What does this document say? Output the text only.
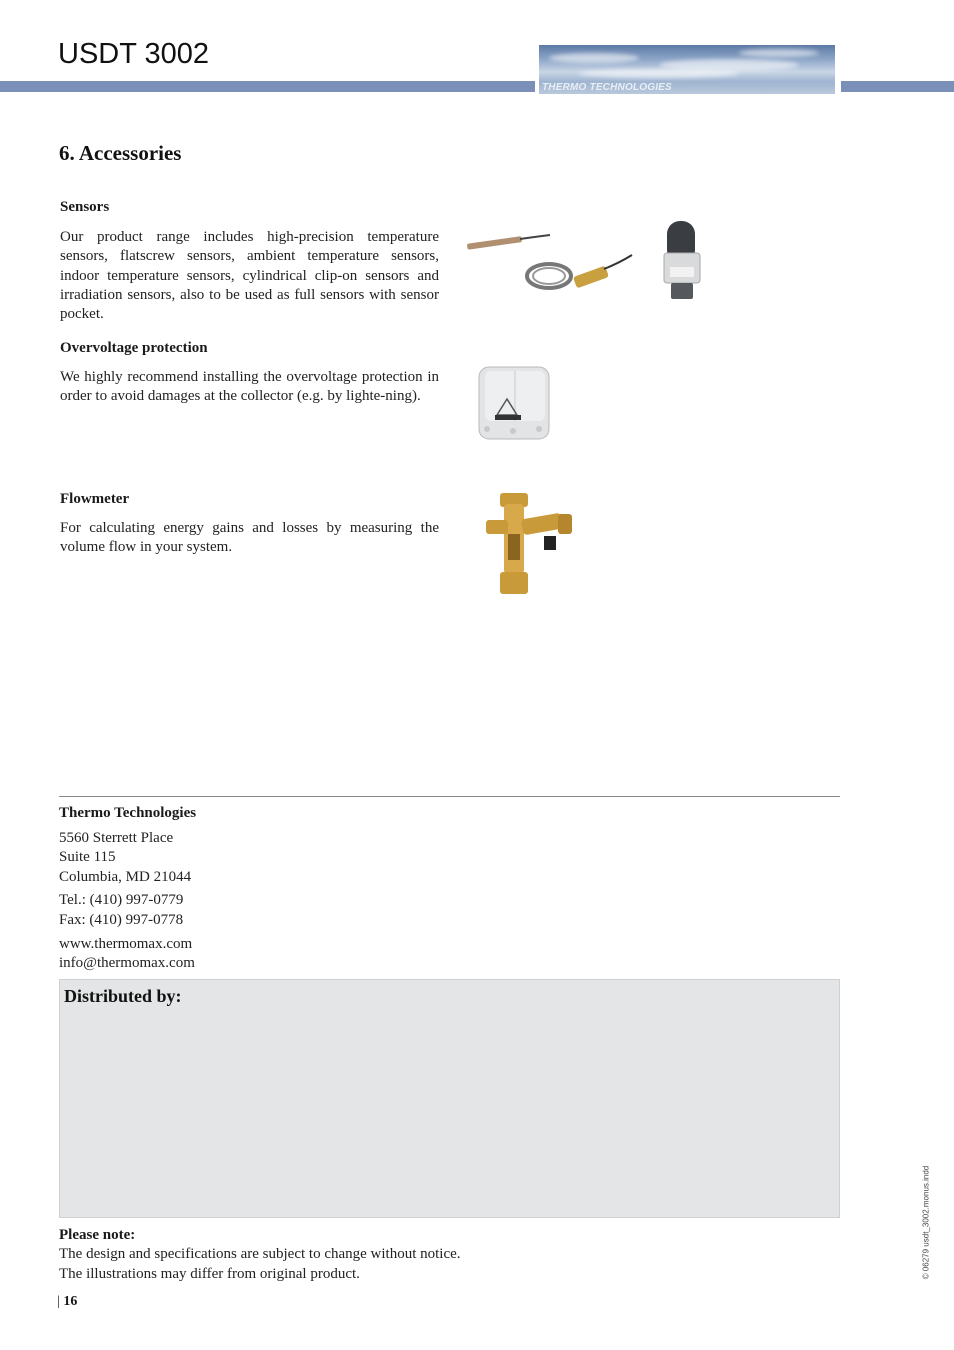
USDT 3002
THERMO TECHNOLOGIES
6. Accessories
Sensors
Our product range includes high-precision temperature sensors, flatscrew sensors, ambient temperature sensors, indoor temperature sensors, cylindrical clip-on sensors and irradiation sensors, also to be used as full sensors with sensor pocket.
Overvoltage protection
We highly recommend installing the overvoltage protection in order to avoid damages at the collector (e.g. by lighte-ning).
Flowmeter
For calculating energy gains and losses by measuring the volume flow in your system.
Thermo Technologies
5560 Sterrett Place
Suite 115
Columbia, MD 21044
Tel.: (410) 997-0779
Fax: (410) 997-0778
www.thermomax.com
info@thermomax.com
Distributed by:
Please note:
The design and specifications are subject to change without notice.
The illustrations may differ from original product.
| 16
© 06279 usdt_3002.monus.indd
